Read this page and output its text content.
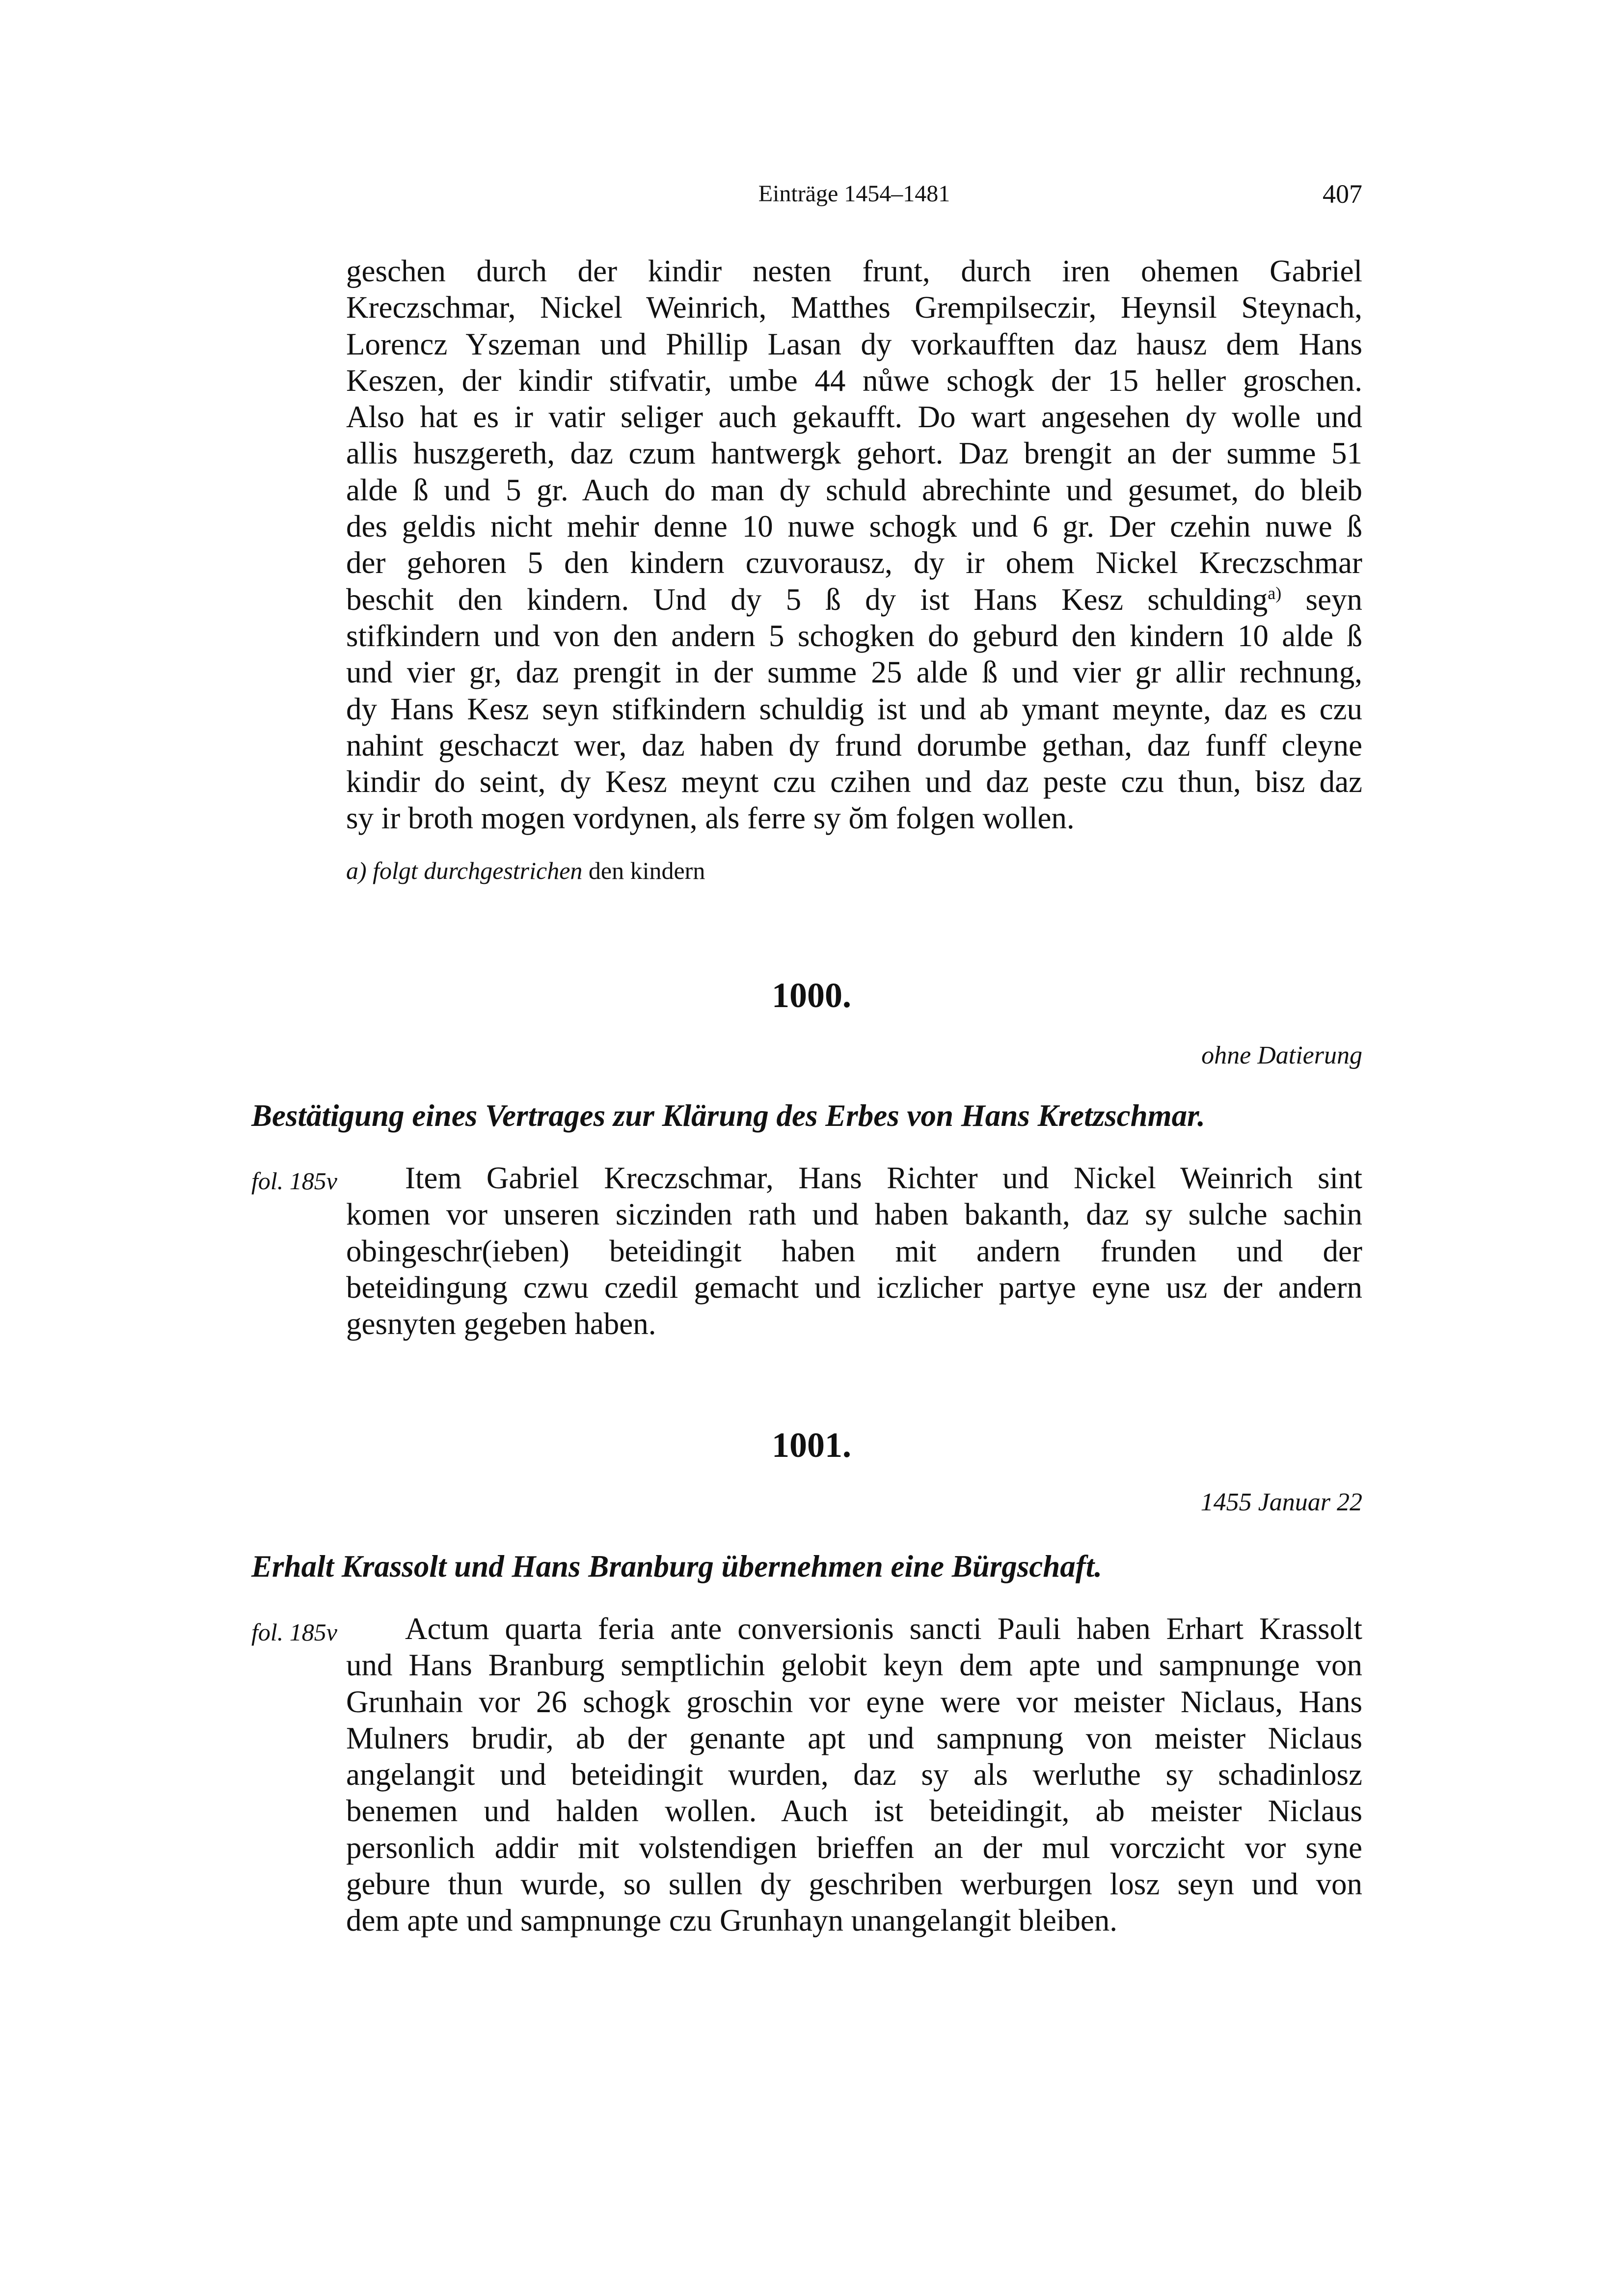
Einträge 1454–1481	407
geschen durch der kindir nesten frunt, durch iren ohemen Gabriel
Kreczschmar, Nickel Weinrich, Matthes Grempilseczir, Heynsil Steynach,
Lorencz Yszeman und Phillip Lasan dy vorkaufften daz hausz dem Hans
Keszen, der kindir stifvatir, umbe 44 nůwe schogk der 15 heller groschen.
Also hat es ir vatir seliger auch gekaufft. Do wart angesehen dy wolle und
allis huszgereth, daz czum hantwergk gehort. Daz brengit an der summe 51
alde ß und 5 gr. Auch do man dy schuld abrechinte und gesumet, do bleib
des geldis nicht mehir denne 10 nuwe schogk und 6 gr. Der czehin nuwe ß
der gehoren 5 den kindern czuvorausz, dy ir ohem Nickel Kreczschmar
beschit den kindern. Und dy 5 ß dy ist Hans Kesz schulding$^{a)}$ seyn
stifkindern und von den andern 5 schogken do geburd den kindern 10 alde ß
und vier gr, daz prengit in der summe 25 alde ß und vier gr allir rechnung,
dy Hans Kesz seyn stifkindern schuldig ist und ab ymant meynte, daz es czu
nahint geschaczt wer, daz haben dy frund dorumbe gethan, daz funff cleyne
kindir do seint, dy Kesz meynt czu czihen und daz peste czu thun, bisz daz
sy ir broth mogen vordynen, als ferre sy ŏm folgen wollen.
a) folgt durchgestrichen den kindern
1000.
ohne Datierung
Bestätigung eines Vertrages zur Klärung des Erbes von Hans Kretzschmar.
fol. 185v	Item Gabriel Kreczschmar, Hans Richter und Nickel Weinrich sint
komen vor unseren siczinden rath und haben bakanth, daz sy sulche sachin
obingeschr(ieben) beteidingit haben mit andern frunden und der
beteidingung czwu czedil gemacht und iczlicher partye eyne usz der andern
gesnyten gegeben haben.
1001.
1455 Januar 22
Erhalt Krassolt und Hans Branburg übernehmen eine Bürgschaft.
fol. 185v	Actum quarta feria ante conversionis sancti Pauli haben Erhart Krassolt
und Hans Branburg semptlichin gelobit keyn dem apte und sampnunge von
Grunhain vor 26 schogk groschin vor eyne were vor meister Niclaus, Hans
Mulners brudir, ab der genante apt und sampnung von meister Niclaus
angelangit und beteidingit wurden, daz sy als werluthe sy schadinlosz
benemen und halden wollen. Auch ist beteidingit, ab meister Niclaus
personlich addir mit volstendigen brieffen an der mul vorczicht vor syne
gebure thun wurde, so sullen dy geschriben werburgen losz seyn und von
dem apte und sampnunge czu Grunhayn unangelangit bleiben.
